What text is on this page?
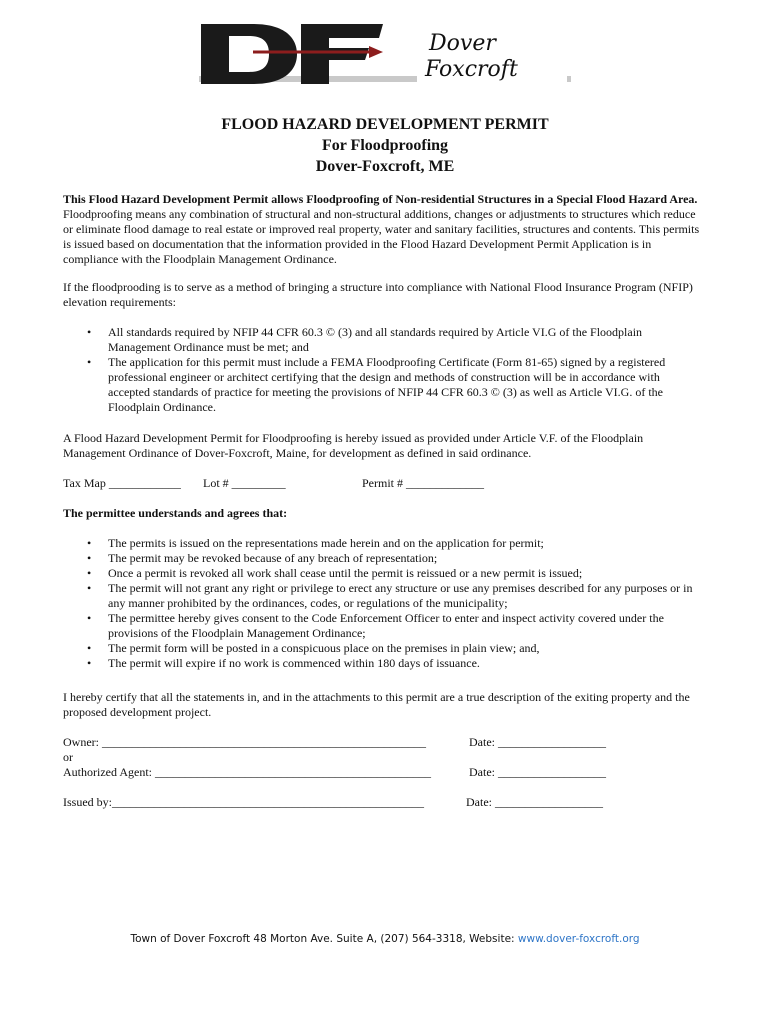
Dover
Foxcroft
FLOOD HAZARD DEVELOPMENT PERMIT
For Floodproofing
Dover-Foxcroft, ME

This Flood Hazard Development Permit allows Floodproofing of Non-residential Structures in a Special Flood Hazard Area.  Floodproofing means any combination of structural and non-structural additions, changes or adjustments to structures which reduce or eliminate flood damage to real estate or improved real property, water and sanitary facilities, structures and contents. This permits is issued based on documentation that the information provided in the Flood Hazard Development Permit Application is in compliance with the Floodplain Management Ordinance.

If the floodprooding is to serve as a method of bringing a structure into compliance with National Flood Insurance Program (NFIP) elevation requirements:

• All standards required by NFIP 44 CFR 60.3 © (3) and all standards required by Article VI.G of the Floodplain Management Ordinance must be met; and
• The application for this permit must include a FEMA Floodproofing Certificate (Form 81-65) signed by a registered professional engineer or architect certifying that the design and methods of construction will be in accordance with accepted standards of practice for meeting the provisions of NFIP 44 CFR 60.3 © (3) as well as Article VI.G. of the Floodplain Ordinance.

A Flood Hazard Development Permit for Floodproofing is hereby issued as provided under Article V.F. of the Floodplain Management Ordinance of Dover-Foxcroft, Maine, for development as defined in said ordinance.

Tax Map ____________ Lot # _________	Permit # _____________
The permittee understands and agrees that:
• The permits is issued on the representations made herein and on the application for permit;
• The permit may be revoked because of any breach of representation;
• Once a permit is revoked all work shall cease until the permit is reissued or a new permit is issued;
• The permit will not grant any right or privilege to erect any structure or use any premises described for any purposes or in any manner prohibited by the ordinances, codes, or regulations of the municipality;
• The permittee hereby gives consent to the Code Enforcement Officer to enter and inspect activity covered under the provisions of the Floodplain Management Ordinance;
• The permit form will be posted in a conspicuous place on the premises in plain view; and,
• The permit will expire if no work is commenced within 180 days of issuance.

I hereby certify that all the statements in, and in the attachments to this permit are a true description of the exiting property and the proposed development project.

Owner: ______________________________________________________	Date: __________________
or
Authorized Agent: ______________________________________________	Date: __________________
Issued by:____________________________________________________	Date: __________________
Town of Dover Foxcroft 48 Morton Ave. Suite A, (207) 564-3318, Website: www.dover-foxcroft.org
